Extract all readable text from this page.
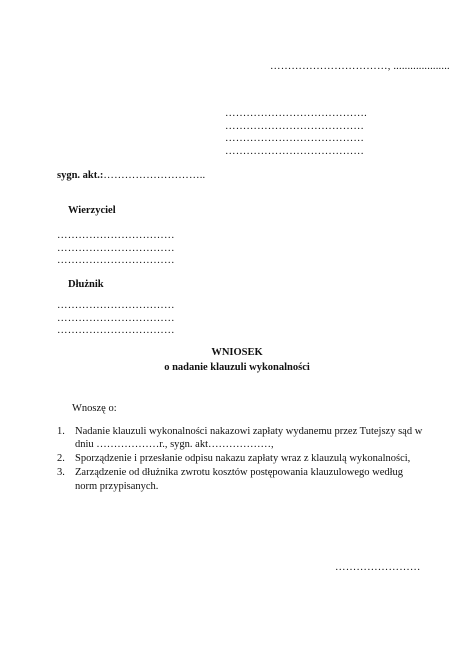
……………………………, ....................
………………………………….
…………………………………
…………………………………
…………………………………
sygn. akt.:………………………..
Wierzyciel
……………………………
……………………………
……………………………
Dłużnik
……………………………
……………………………
……………………………
WNIOSEK
o nadanie klauzuli wykonalności
Wnoszę o:
1. Nadanie klauzuli wykonalności nakazowi zapłaty wydanemu przez Tutejszy sąd w dniu ………………r., sygn. akt………………,
2. Sporządzenie i przesłanie odpisu nakazu zapłaty wraz z klauzulą wykonalności,
3. Zarządzenie od dłużnika zwrotu kosztów postępowania klauzulowego według norm przypisanych.
……………………
